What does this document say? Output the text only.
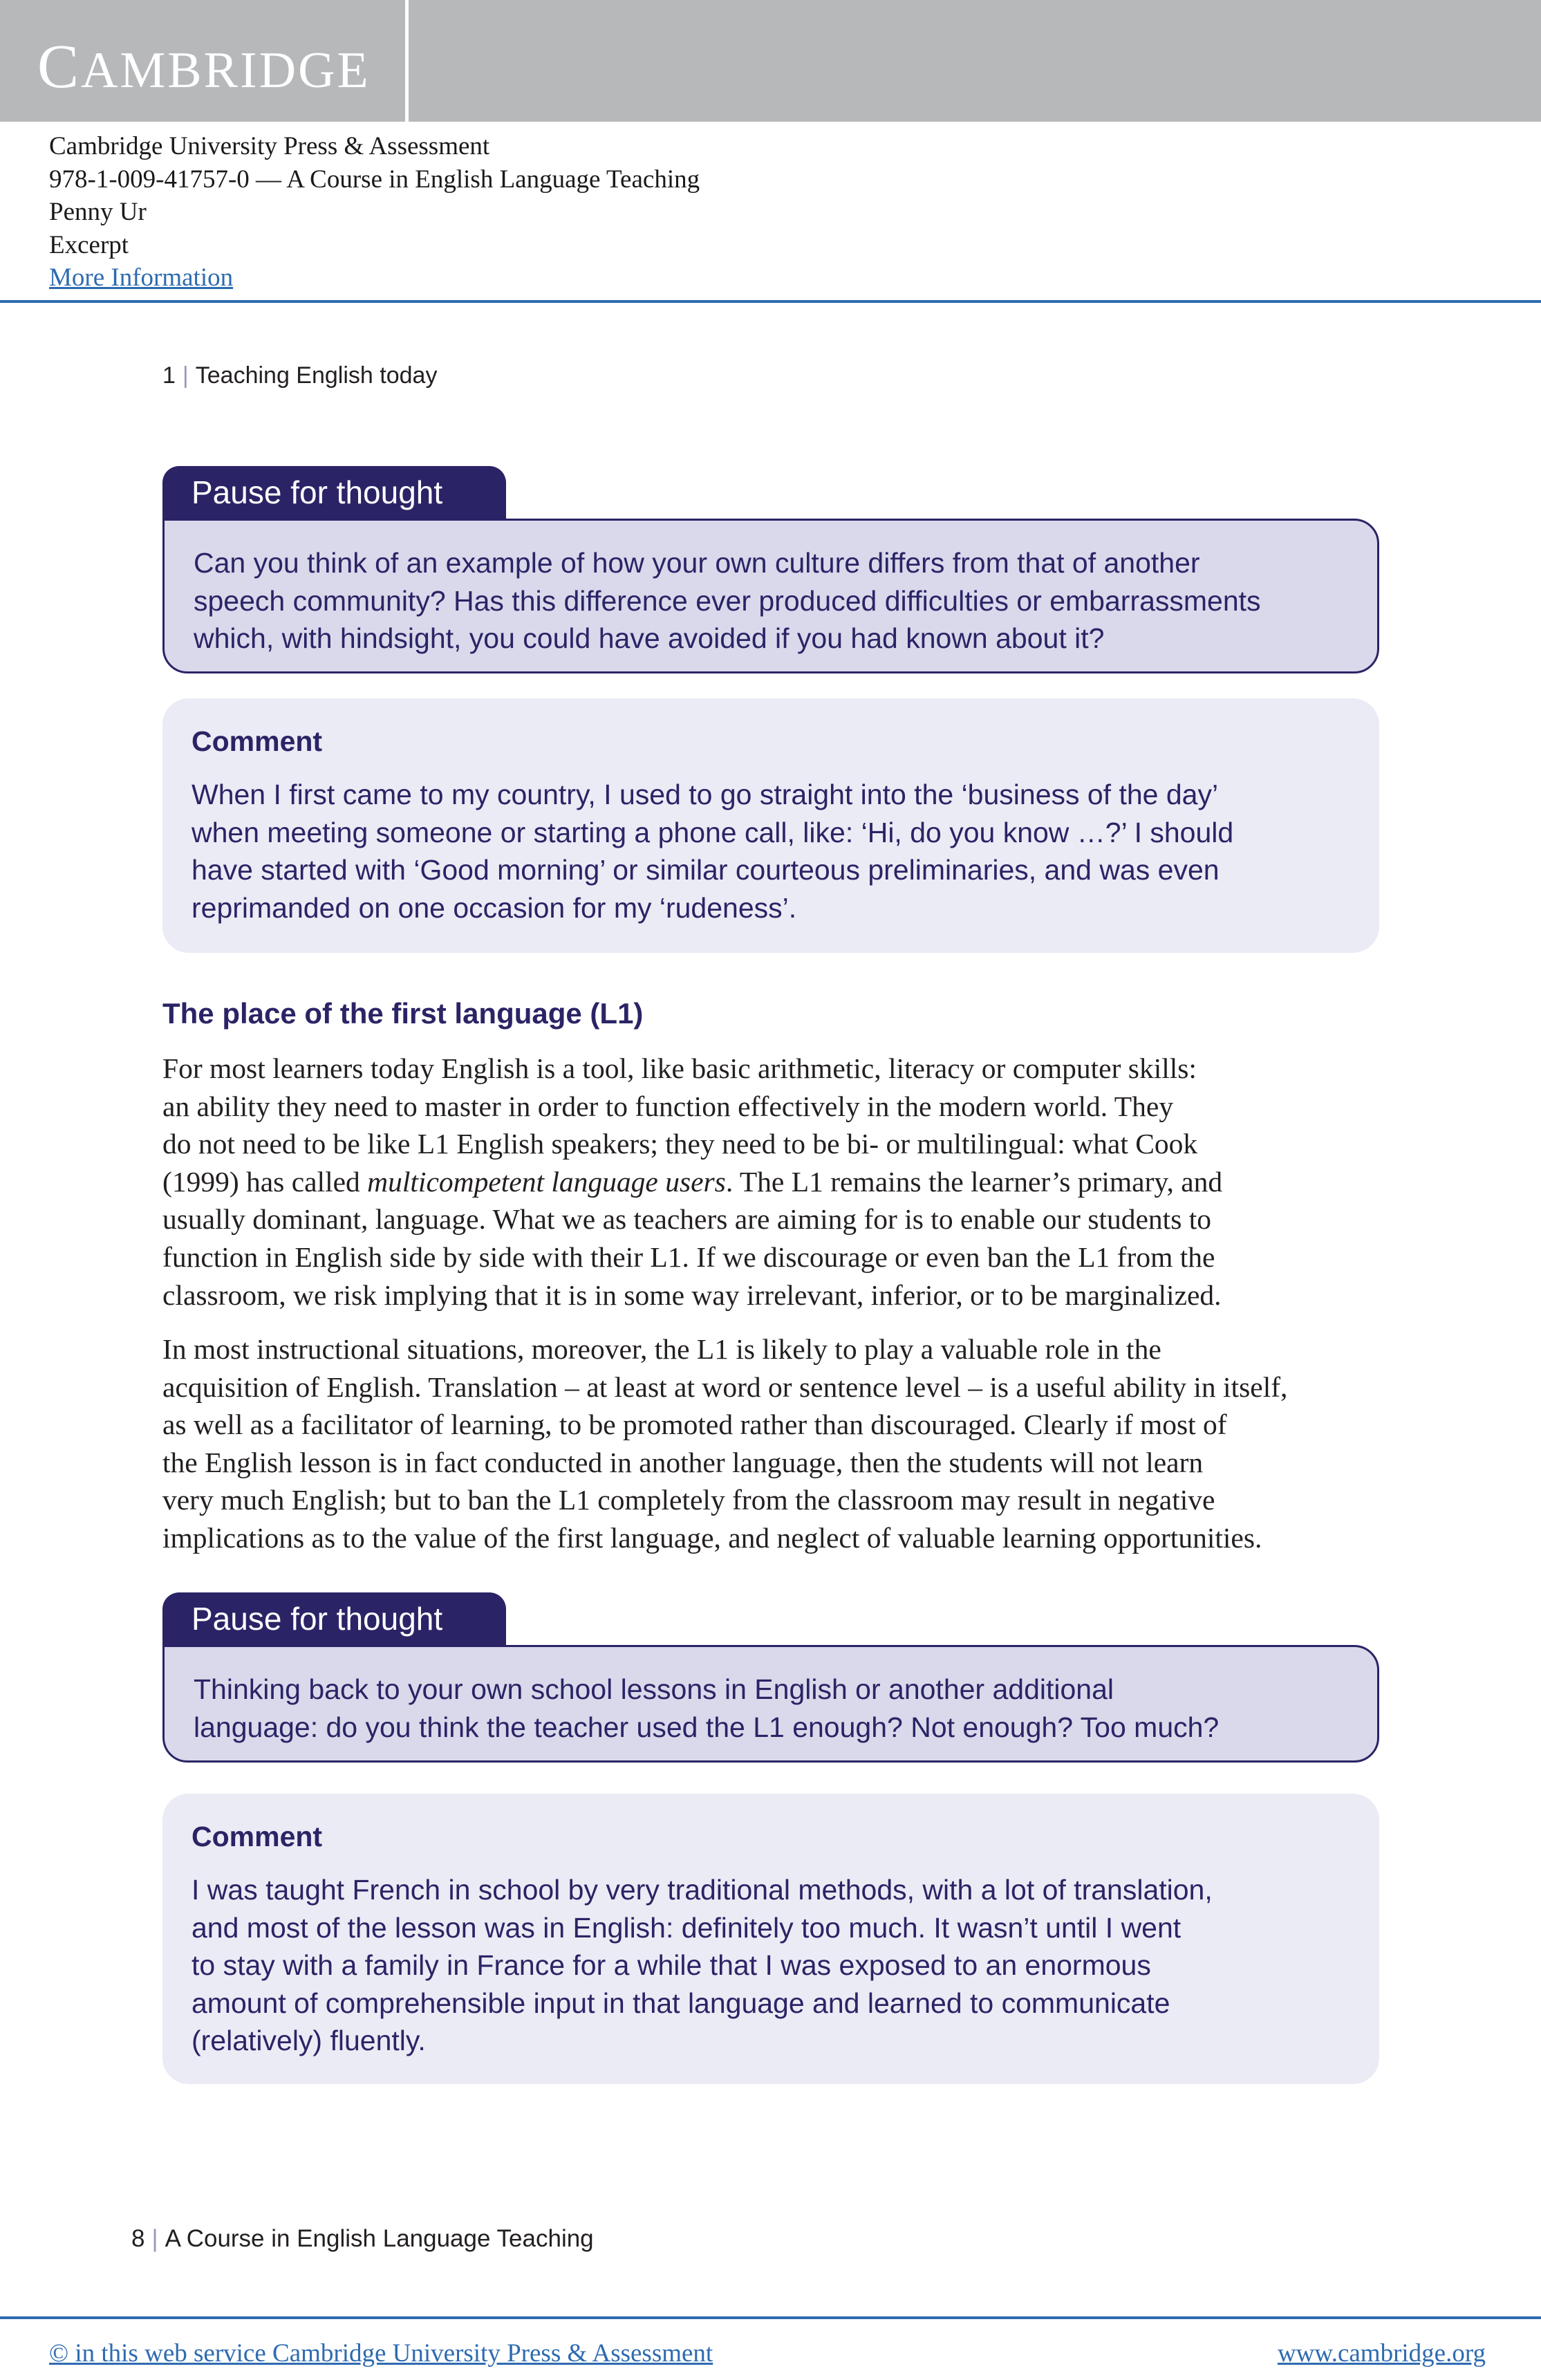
CAMBRIDGE
Cambridge University Press & Assessment
978-1-009-41757-0 — A Course in English Language Teaching
Penny Ur
Excerpt
More Information
1 | Teaching English today
Pause for thought
Can you think of an example of how your own culture differs from that of another
speech community? Has this difference ever produced difficulties or embarrassments
which, with hindsight, you could have avoided if you had known about it?
Comment
When I first came to my country, I used to go straight into the ‘business of the day’
when meeting someone or starting a phone call, like: ‘Hi, do you know …?’ I should
have started with ‘Good morning’ or similar courteous preliminaries, and was even
reprimanded on one occasion for my ‘rudeness’.
The place of the first language (L1)
For most learners today English is a tool, like basic arithmetic, literacy or computer skills:
an ability they need to master in order to function effectively in the modern world. They
do not need to be like L1 English speakers; they need to be bi- or multilingual: what Cook
(1999) has called multicompetent language users. The L1 remains the learner’s primary, and
usually dominant, language. What we as teachers are aiming for is to enable our students to
function in English side by side with their L1. If we discourage or even ban the L1 from the
classroom, we risk implying that it is in some way irrelevant, inferior, or to be marginalized.
In most instructional situations, moreover, the L1 is likely to play a valuable role in the
acquisition of English. Translation – at least at word or sentence level – is a useful ability in itself,
as well as a facilitator of learning, to be promoted rather than discouraged. Clearly if most of
the English lesson is in fact conducted in another language, then the students will not learn
very much English; but to ban the L1 completely from the classroom may result in negative
implications as to the value of the first language, and neglect of valuable learning opportunities.
Pause for thought
Thinking back to your own school lessons in English or another additional
language: do you think the teacher used the L1 enough? Not enough? Too much?
Comment
I was taught French in school by very traditional methods, with a lot of translation,
and most of the lesson was in English: definitely too much. It wasn’t until I went
to stay with a family in France for a while that I was exposed to an enormous
amount of comprehensible input in that language and learned to communicate
(relatively) fluently.
8 | A Course in English Language Teaching
© in this web service Cambridge University Press & Assessment	www.cambridge.org
